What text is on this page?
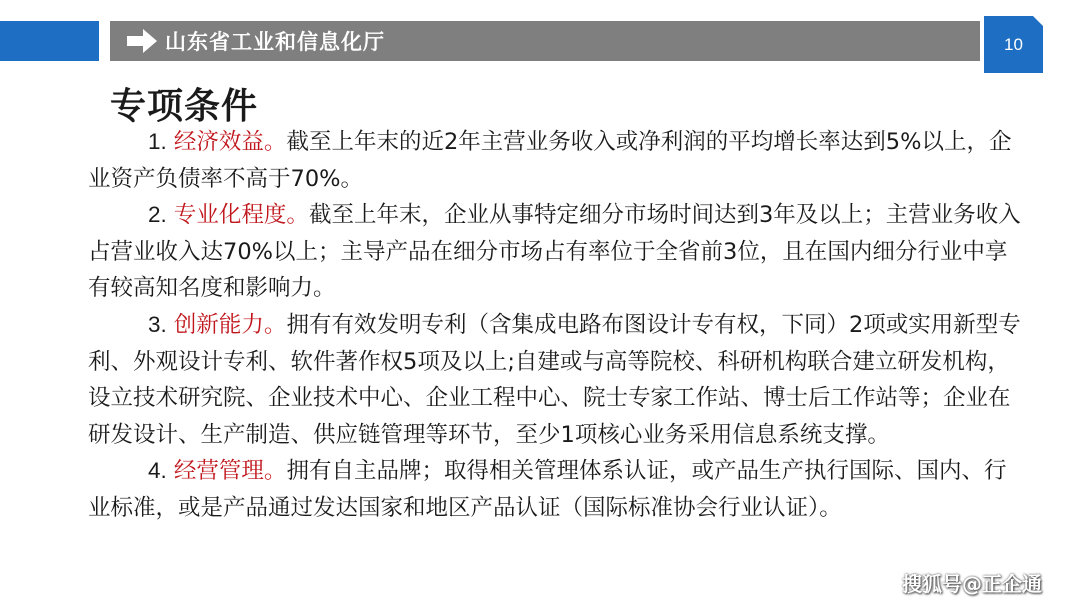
山东省工业和信息化厅	10
专项条件

1. 经济效益。截至上年末的近2年主营业务收入或净利润的平均增长率达到5%以上，企业资产负债率不高于70%。

2. 专业化程度。截至上年末，企业从事特定细分市场时间达到3年及以上；主营业务收入占营业收入达70%以上；主导产品在细分市场占有率位于全省前3位，且在国内细分行业中享有较高知名度和影响力。

3. 创新能力。拥有有效发明专利（含集成电路布图设计专有权，下同）2项或实用新型专利、外观设计专利、软件著作权5项及以上;自建或与高等院校、科研机构联合建立研发机构，设立技术研究院、企业技术中心、企业工程中心、院士专家工作站、博士后工作站等；企业在研发设计、生产制造、供应链管理等环节，至少1项核心业务采用信息系统支撑。

4. 经营管理。拥有自主品牌；取得相关管理体系认证，或产品生产执行国际、国内、行业标准，或是产品通过发达国家和地区产品认证（国际标准协会行业认证）。

搜狐号@正企通
